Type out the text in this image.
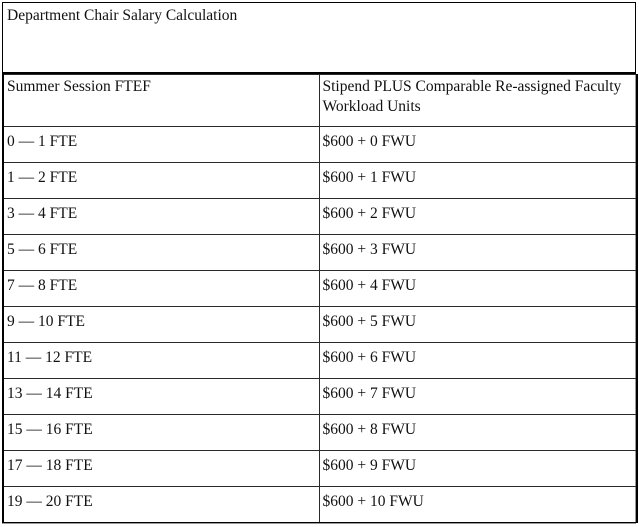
Department Chair Salary Calculation
Summer Session FTEF	Stipend PLUS Comparable Re-assigned Faculty Workload Units
0 — 1 FTE	$600 + 0 FWU
1 — 2 FTE	$600 + 1 FWU
3 — 4 FTE	$600 + 2 FWU
5 — 6 FTE	$600 + 3 FWU
7 — 8 FTE	$600 + 4 FWU
9 — 10 FTE	$600 + 5 FWU
11 — 12 FTE	$600 + 6 FWU
13 — 14 FTE	$600 + 7 FWU
15 — 16 FTE	$600 + 8 FWU
17 — 18 FTE	$600 + 9 FWU
19 — 20 FTE	$600 + 10 FWU
